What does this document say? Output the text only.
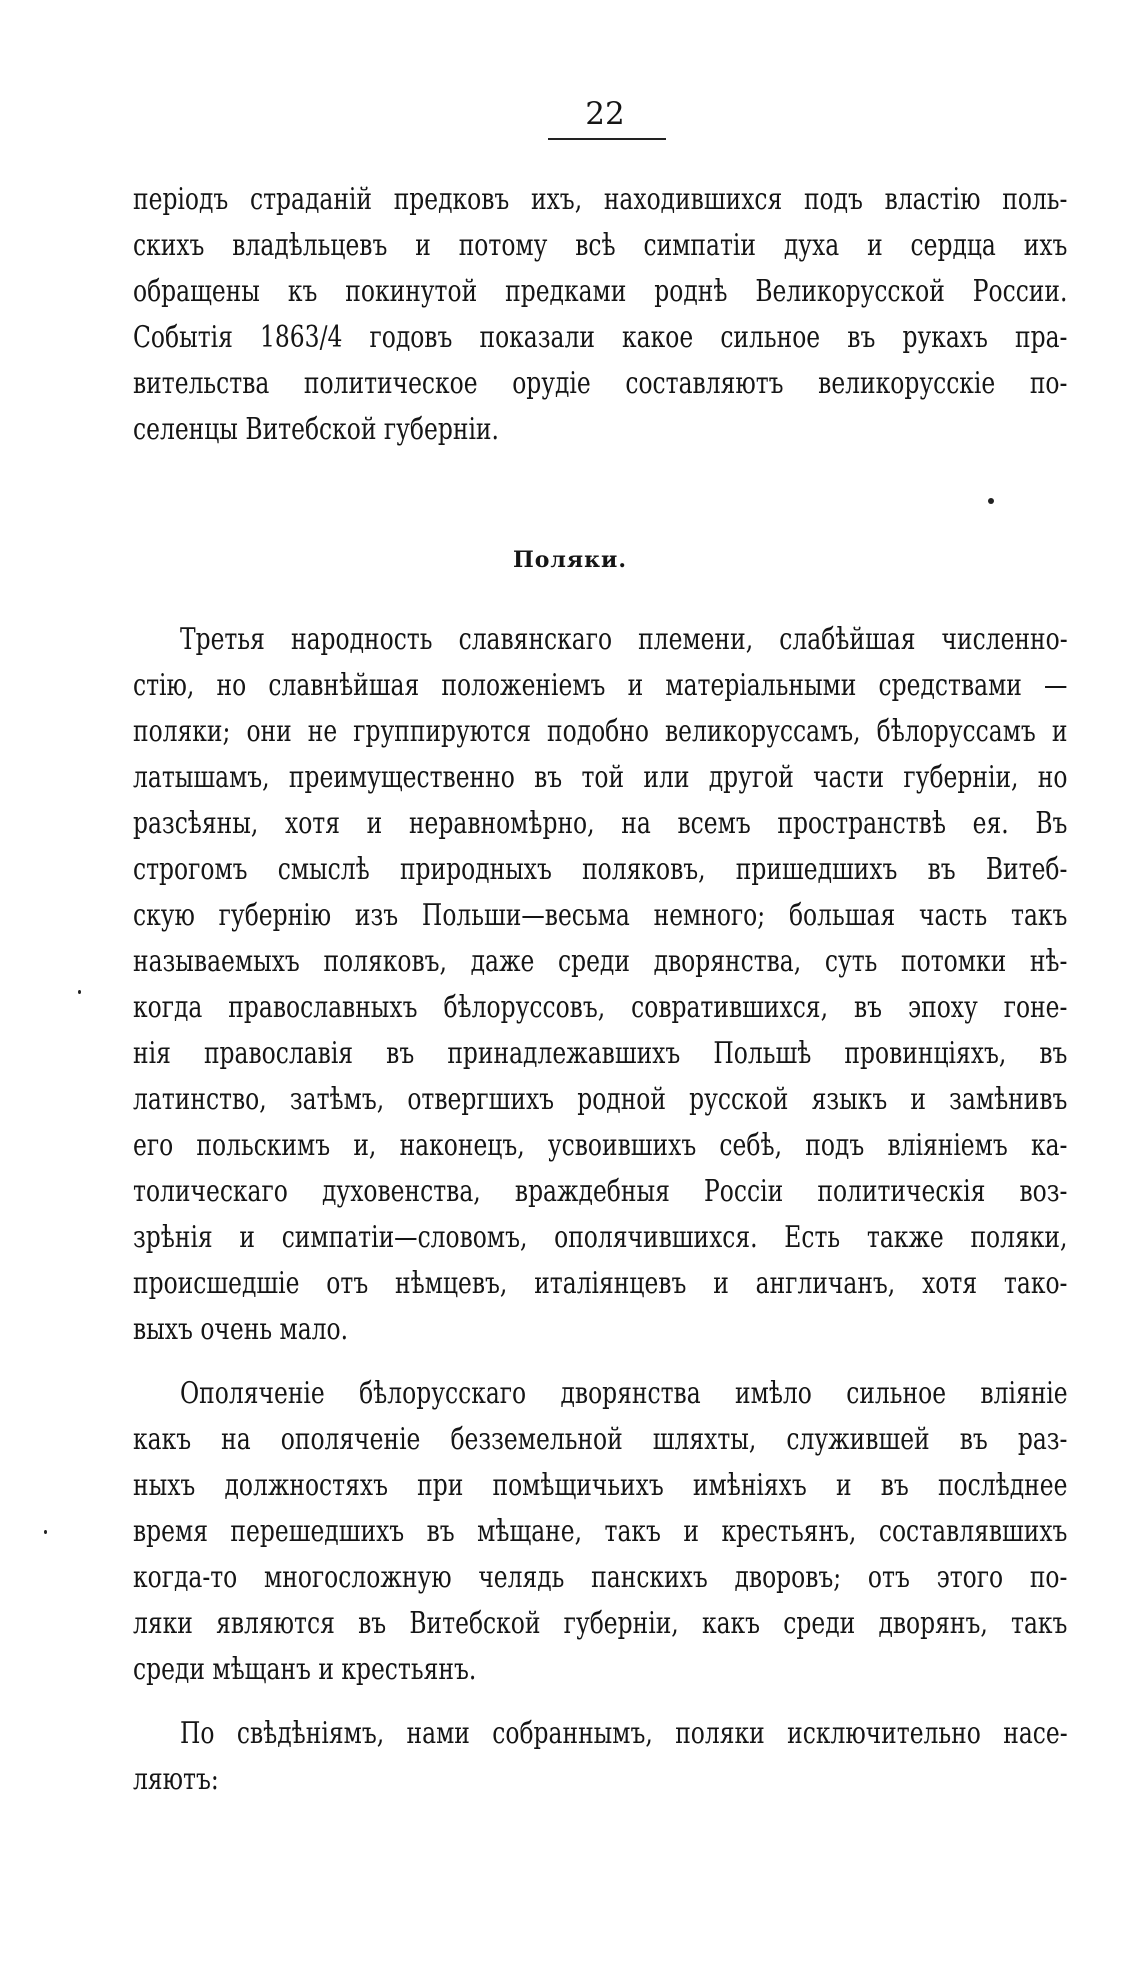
22
періодъ страданій предковъ ихъ, находившихся подъ властію поль-
скихъ владѣльцевъ и потому всѣ симпатіи духа и сердца ихъ
обращены къ покинутой предками роднѣ Великорусской России.
Событія 1863/4 годовъ показали какое сильное въ рукахъ пра-
вительства политическое орудіе составляютъ великорусскіе по-
селенцы Витебской губерніи.
Поляки.
Третья народность славянскаго племени, слабѣйшая численно-
стію, но славнѣйшая положеніемъ и матеріальными средствами —
поляки; они не группируются подобно великоруссамъ, бѣлоруссамъ и
латышамъ, преимущественно въ той или другой части губерніи, но
разсѣяны, хотя и неравномѣрно, на всемъ пространствѣ ея. Въ
строгомъ смыслѣ природныхъ поляковъ, пришедшихъ въ Витеб-
скую губернію изъ Польши—весьма немного; большая часть такъ
называемыхъ поляковъ, даже среди дворянства, суть потомки нѣ-
когда православныхъ бѣлоруссовъ, совратившихся, въ эпоху гоне-
нія православія въ принадлежавшихъ Польшѣ провинціяхъ, въ
латинство, затѣмъ, отвергшихъ родной русской языкъ и замѣнивъ
его польскимъ и, наконецъ, усвоившихъ себѣ, подъ вліяніемъ ка-
толическаго духовенства, враждебныя Россіи политическія воз-
зрѣнія и симпатіи—словомъ, ополячившихся. Есть также поляки,
происшедшіе отъ нѣмцевъ, италіянцевъ и англичанъ, хотя тако-
выхъ очень мало.
Ополяченіе бѣлорусскаго дворянства имѣло сильное вліяніе
какъ на ополяченіе безземельной шляхты, служившей въ раз-
ныхъ должностяхъ при помѣщичьихъ имѣніяхъ и въ послѣднее
время перешедшихъ въ мѣщане, такъ и крестьянъ, составлявшихъ
когда-то многосложную челядь панскихъ дворовъ; отъ этого по-
ляки являются въ Витебской губерніи, какъ среди дворянъ, такъ
среди мѣщанъ и крестьянъ.
По свѣдѣніямъ, нами собраннымъ, поляки исключительно насе-
ляютъ:
